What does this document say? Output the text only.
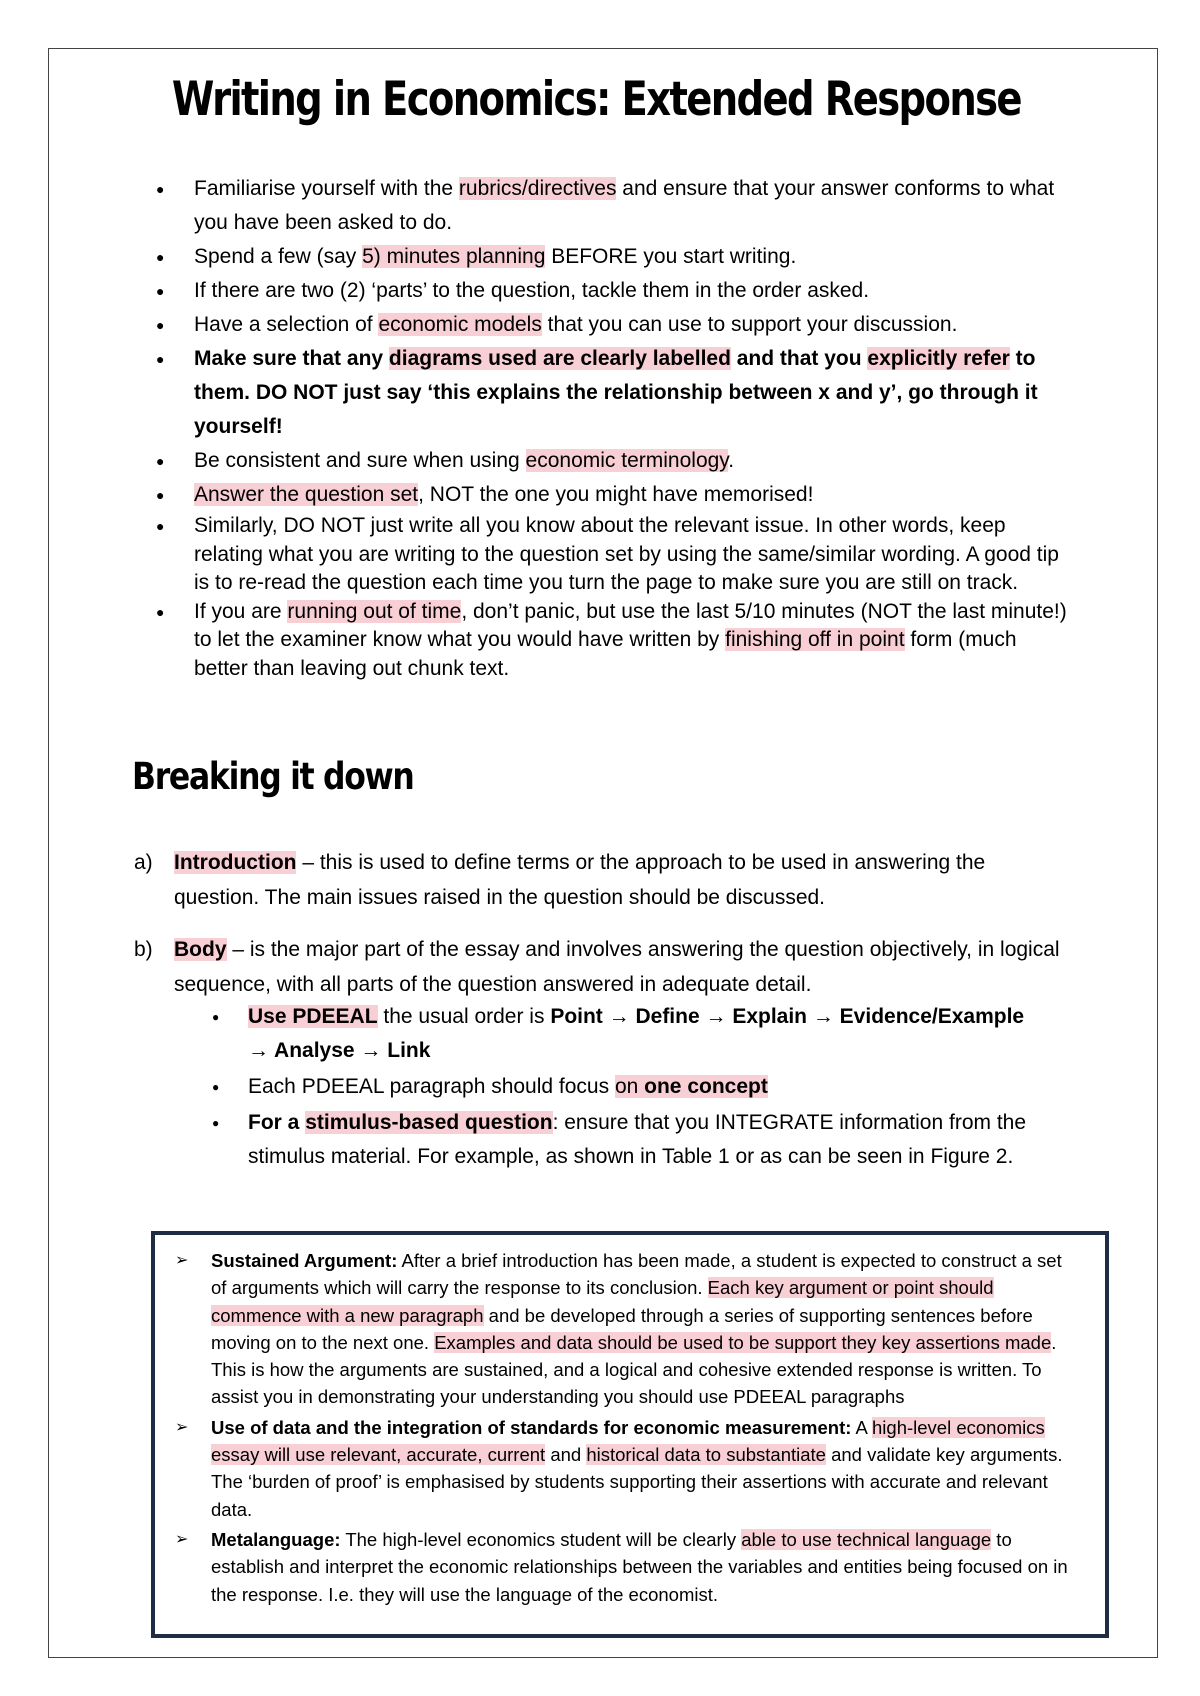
Writing in Economics: Extended Response
● Familiarise yourself with the rubrics/directives and ensure that your answer conforms to what you have been asked to do.
● Spend a few (say 5) minutes planning BEFORE you start writing.
● If there are two (2) ‘parts’ to the question, tackle them in the order asked.
● Have a selection of economic models that you can use to support your discussion.
● Make sure that any diagrams used are clearly labelled and that you explicitly refer to them. DO NOT just say ‘this explains the relationship between x and y’, go through it yourself!
● Be consistent and sure when using economic terminology.
● Answer the question set, NOT the one you might have memorised!
● Similarly, DO NOT just write all you know about the relevant issue. In other words, keep relating what you are writing to the question set by using the same/similar wording. A good tip is to re-read the question each time you turn the page to make sure you are still on track.
● If you are running out of time, don’t panic, but use the last 5/10 minutes (NOT the last minute!) to let the examiner know what you would have written by finishing off in point form (much better than leaving out chunk text.
Breaking it down
a) Introduction – this is used to define terms or the approach to be used in answering the question. The main issues raised in the question should be discussed.
b) Body – is the major part of the essay and involves answering the question objectively, in logical sequence, with all parts of the question answered in adequate detail.
● Use PDEEAL the usual order is Point → Define → Explain → Evidence/Example → Analyse → Link
● Each PDEEAL paragraph should focus on one concept
● For a stimulus-based question: ensure that you INTEGRATE information from the stimulus material. For example, as shown in Table 1 or as can be seen in Figure 2.
➢ Sustained Argument: After a brief introduction has been made, a student is expected to construct a set of arguments which will carry the response to its conclusion. Each key argument or point should commence with a new paragraph and be developed through a series of supporting sentences before moving on to the next one. Examples and data should be used to be support they key assertions made. This is how the arguments are sustained, and a logical and cohesive extended response is written. To assist you in demonstrating your understanding you should use PDEEAL paragraphs
➢ Use of data and the integration of standards for economic measurement: A high-level economics essay will use relevant, accurate, current and historical data to substantiate and validate key arguments. The ‘burden of proof’ is emphasised by students supporting their assertions with accurate and relevant data.
➢ Metalanguage: The high-level economics student will be clearly able to use technical language to establish and interpret the economic relationships between the variables and entities being focused on in the response. I.e. they will use the language of the economist.
